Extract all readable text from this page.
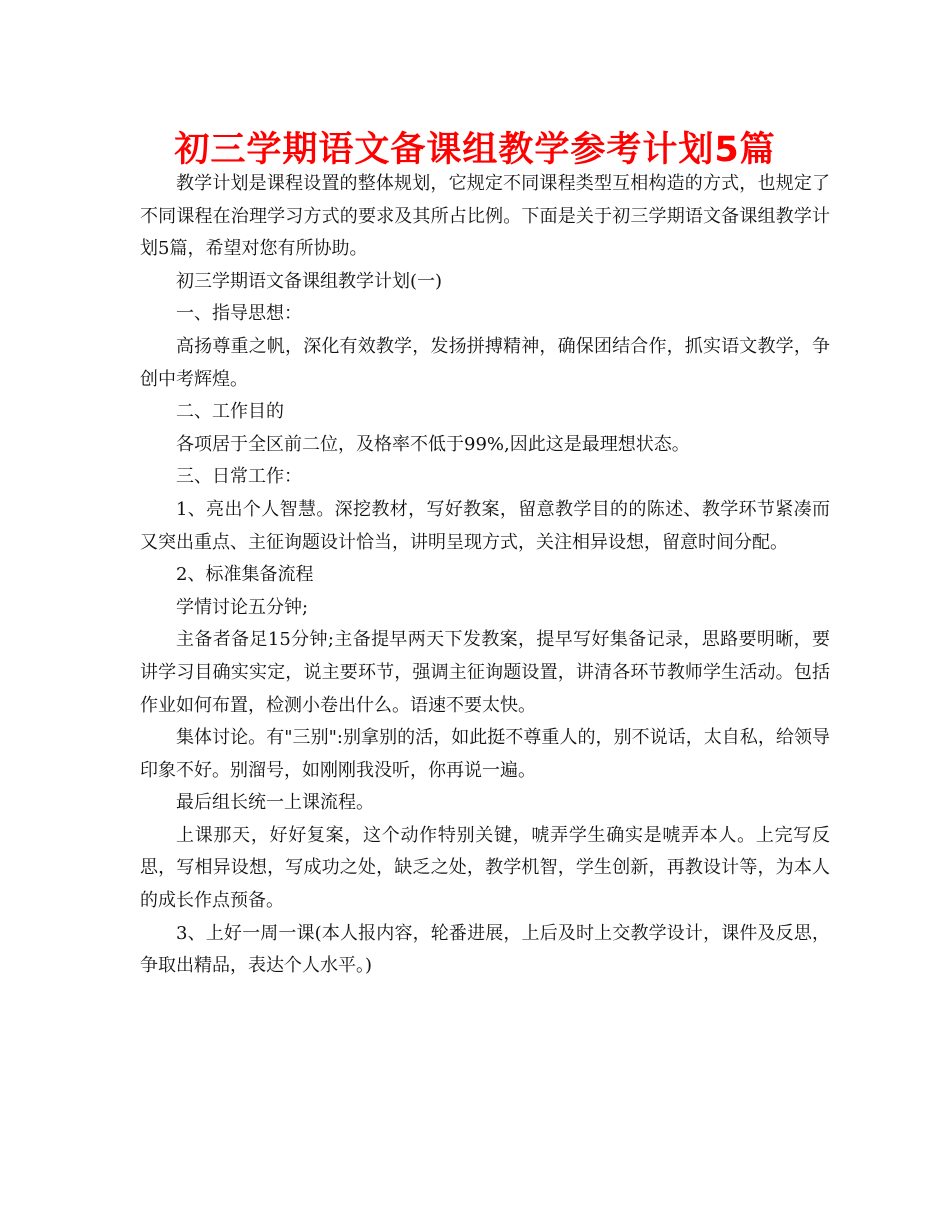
初三学期语文备课组教学参考计划5篇

教学计划是课程设置的整体规划，它规定不同课程类型互相构造的方式，也规定了不同课程在治理学习方式的要求及其所占比例。下面是关于初三学期语文备课组教学计划5篇，希望对您有所协助。

初三学期语文备课组教学计划(一)

一、指导思想：

高扬尊重之帆，深化有效教学，发扬拼搏精神，确保团结合作，抓实语文教学，争创中考辉煌。

二、工作目的

各项居于全区前二位，及格率不低于99%,因此这是最理想状态。

三、日常工作：

1、亮出个人智慧。深挖教材，写好教案，留意教学目的的陈述、教学环节紧凑而又突出重点、主征询题设计恰当，讲明呈现方式，关注相异设想，留意时间分配。

2、标准集备流程

学情讨论五分钟;

主备者备足15分钟;主备提早两天下发教案，提早写好集备记录，思路要明晰，要讲学习目确实实定，说主要环节，强调主征询题设置，讲清各环节教师学生活动。包括作业如何布置，检测小卷出什么。语速不要太快。

集体讨论。有"三别":别拿别的活，如此挺不尊重人的，别不说话，太自私，给领导印象不好。别溜号，如刚刚我没听，你再说一遍。

最后组长统一上课流程。

上课那天，好好复案，这个动作特别关键，唬弄学生确实是唬弄本人。上完写反思，写相异设想，写成功之处，缺乏之处，教学机智，学生创新，再教设计等，为本人的成长作点预备。

3、上好一周一课(本人报内容，轮番进展，上后及时上交教学设计，课件及反思，争取出精品，表达个人水平。)
